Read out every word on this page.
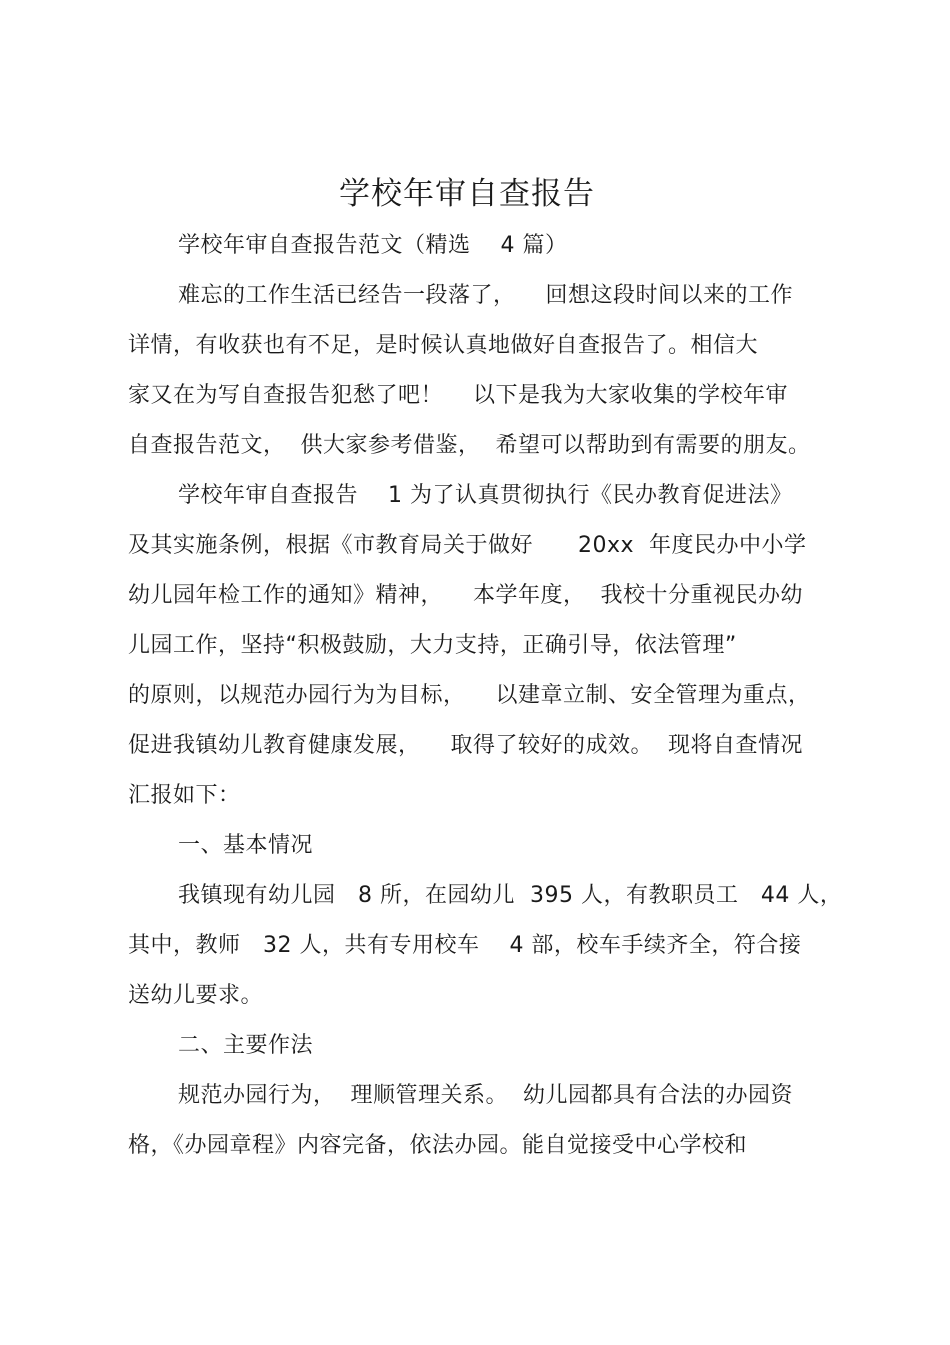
学校年审自查报告
学校年审自查报告范文（精选    4 篇）
难忘的工作生活已经告一段落了，    回想这段时间以来的工作
详情，有收获也有不足，是时候认真地做好自查报告了。相信大
家又在为写自查报告犯愁了吧！    以下是我为大家收集的学校年审
自查报告范文，  供大家参考借鉴，  希望可以帮助到有需要的朋友。
学校年审自查报告    1 为了认真贯彻执行《民办教育促进法》
及其实施条例，根据《市教育局关于做好      20xx  年度民办中小学
幼儿园年检工作的通知》精神，    本学年度，  我校十分重视民办幼
儿园工作，坚持“积极鼓励，大力支持，正确引导，依法管理”
的原则，以规范办园行为为目标，    以建章立制、安全管理为重点，
促进我镇幼儿教育健康发展，    取得了较好的成效。  现将自查情况
汇报如下：
一、基本情况
我镇现有幼儿园   8 所，在园幼儿  395 人，有教职员工   44 人，
其中，教师   32 人，共有专用校车    4 部，校车手续齐全，符合接
送幼儿要求。
二、主要作法
规范办园行为，  理顺管理关系。  幼儿园都具有合法的办园资
格，《办园章程》内容完备，依法办园。能自觉接受中心学校和
